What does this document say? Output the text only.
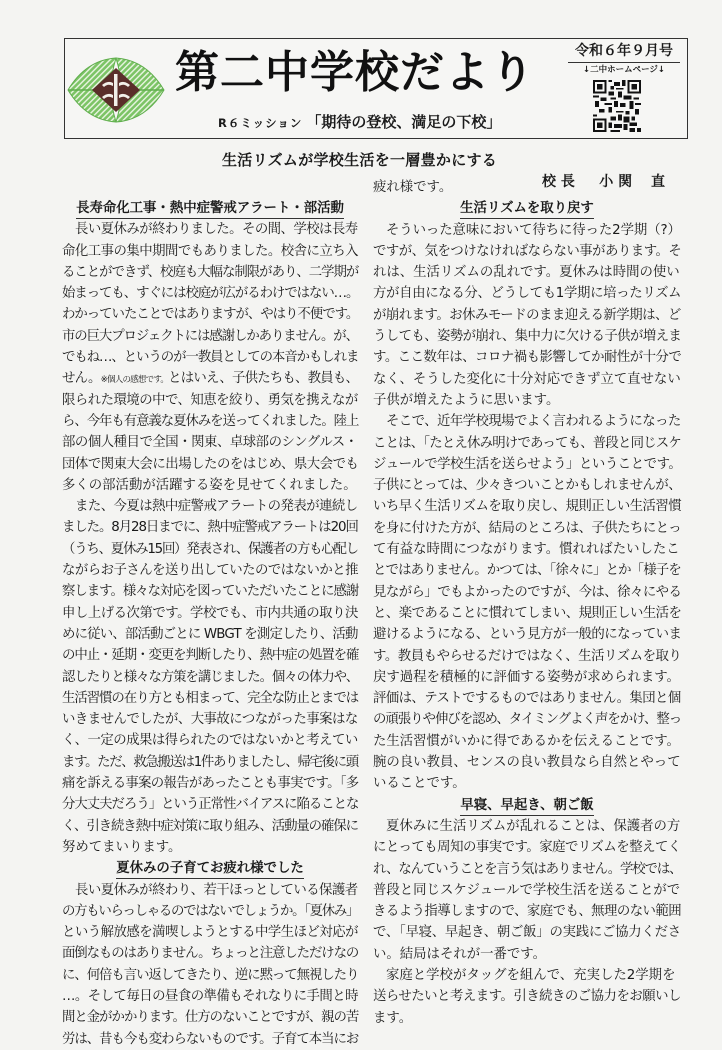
第二中学校だより
R６ミッション 「期待の登校、満足の下校」
令和６年９月号
↓二中ホームページ↓
生活リズムが学校生活を一層豊かにする
校 長 小 関　 直
長寿命化工事・熱中症警戒アラート・部活動
長い夏休みが終わりました。その間、学校は長寿
命化工事の集中期間でもありました。校舎に立ち入
ることができず、校庭も大幅な制限があり、二学期が
始まっても、すぐには校庭が広がるわけではない…。
わかっていたことではありますが、やはり不便です。
市の巨大プロジェクトには感謝しかありません。が、
でもね…、というのが一教員としての本音かもしれま
せん。※個人の感想です。とはいえ、子供たちも、教員も、
限られた環境の中で、知恵を絞り、勇気を携えなが
ら、今年も有意義な夏休みを送ってくれました。陸上
部の個人種目で全国・関東、卓球部のシングルス・
団体で関東大会に出場したのをはじめ、県大会でも
多くの部活動が活躍する姿を見せてくれました。
また、今夏は熱中症警戒アラートの発表が連続し
ました。8月28日までに、熱中症警戒アラートは20回
（うち、夏休み15回）発表され、保護者の方も心配し
ながらお子さんを送り出していたのではないかと推
察します。様々な対応を図っていただいたことに感謝
申し上げる次第です。学校でも、市内共通の取り決
めに従い、部活動ごとに WBGT を測定したり、活動
の中止・延期・変更を判断したり、熱中症の処置を確
認したりと様々な方策を講じました。個々の体力や、
生活習慣の在り方とも相まって、完全な防止とまでは
いきませんでしたが、大事故につながった事案はな
く、一定の成果は得られたのではないかと考えてい
ます。ただ、救急搬送は1件ありましたし、帰宅後に頭
痛を訴える事案の報告があったことも事実です。「多
分大丈夫だろう」という正常性バイアスに陥ることな
く、引き続き熱中症対策に取り組み、活動量の確保に
努めてまいります。
夏休みの子育てお疲れ様でした
長い夏休みが終わり、若干ほっとしている保護者
の方もいらっしゃるのではないでしょうか。「夏休み」
という解放感を満喫しようとする中学生ほど対応が
面倒なものはありません。ちょっと注意しただけなの
に、何倍も言い返してきたり、逆に黙って無視したり
…。そして毎日の昼食の準備もそれなりに手間と時
間と金がかかります。仕方のないことですが、親の苦
労は、昔も今も変わらないものです。子育て本当にお
疲れ様です。
生活リズムを取り戻す
そういった意味において待ちに待った2学期（?）
ですが、気をつけなければならない事があります。そ
れは、生活リズムの乱れです。夏休みは時間の使い
方が自由になる分、どうしても1学期に培ったリズム
が崩れます。お休みモードのまま迎える新学期は、ど
うしても、姿勢が崩れ、集中力に欠ける子供が増えま
す。ここ数年は、コロナ禍も影響してか耐性が十分で
なく、そうした変化に十分対応できず立て直せない
子供が増えたように思います。
そこで、近年学校現場でよく言われるようになった
ことは、「たとえ休み明けであっても、普段と同じスケ
ジュールで学校生活を送らせよう」ということです。
子供にとっては、少々きついことかもしれませんが、
いち早く生活リズムを取り戻し、規則正しい生活習慣
を身に付けた方が、結局のところは、子供たちにとっ
て有益な時間につながります。慣れればたいしたこ
とではありません。かつては、「徐々に」とか「様子を
見ながら」でもよかったのですが、今は、徐々にやる
と、楽であることに慣れてしまい、規則正しい生活を
避けるようになる、という見方が一般的になっていま
す。教員もやらせるだけではなく、生活リズムを取り
戻す過程を積極的に評価する姿勢が求められます。
評価は、テストでするものではありません。集団と個
の頑張りや伸びを認め、タイミングよく声をかけ、整っ
た生活習慣がいかに得であるかを伝えることです。
腕の良い教員、センスの良い教員なら自然とやって
いることです。
早寝、早起き、朝ご飯
夏休みに生活リズムが乱れることは、保護者の方
にとっても周知の事実です。家庭でリズムを整えてく
れ、なんていうことを言う気はありません。学校では、
普段と同じスケジュールで学校生活を送ることがで
きるよう指導しますので、家庭でも、無理のない範囲
で、「早寝、早起き、朝ご飯」の実践にご協力くださ
い。結局はそれが一番です。
家庭と学校がタッグを組んで、充実した2学期を
送らせたいと考えます。引き続きのご協力をお願いし
ます。
